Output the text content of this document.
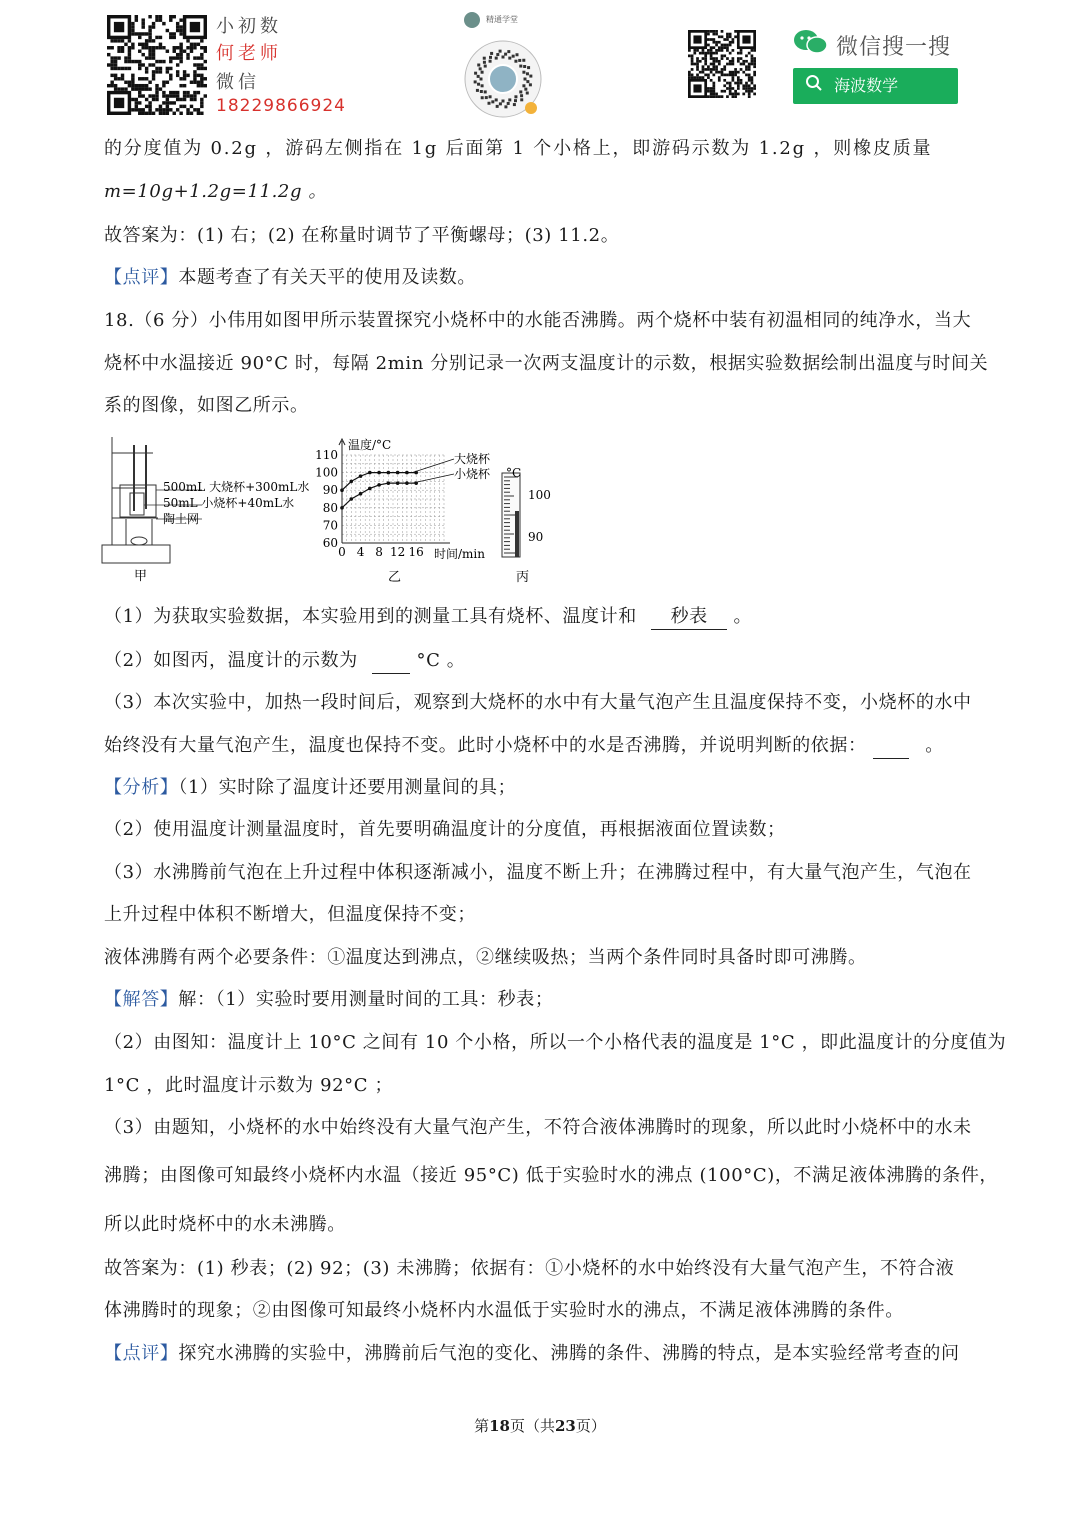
小初数
何老师
微信
18229866924
精通学堂
微信搜一搜
海波数学
的分度值为 0.2g ，游码左侧指在 1g 后面第 1 个小格上，即游码示数为 1.2g ，则橡皮质量
m=10g+1.2g=11.2g 。
故答案为：(1) 右；(2) 在称量时调节了平衡螺母；(3) 11.2。
【点评】本题考查了有关天平的使用及读数。
18.（6 分）小伟用如图甲所示装置探究小烧杯中的水能否沸腾。两个烧杯中装有初温相同的纯净水，当大
烧杯中水温接近 90°C 时，每隔 2min 分别记录一次两支温度计的示数，根据实验数据绘制出温度与时间关
系的图像，如图乙所示。
500mL 大烧杯+300mL水
50mL 小烧杯+40mL水
陶土网
甲
60
70
80
90
100
110
0 4 8 12 16
温度/°C
时间/min
大烧杯
小烧杯
乙
°C
100
90
丙
（1）为获取实验数据，本实验用到的测量工具有烧杯、温度计和 秒表 。
（2）如图丙，温度计的示数为	°C 。
（3）本次实验中，加热一段时间后，观察到大烧杯的水中有大量气泡产生且温度保持不变，小烧杯的水中
始终没有大量气泡产生，温度也保持不变。此时小烧杯中的水是否沸腾，并说明判断的依据：	。
【分析】（1）实时除了温度计还要用测量间的具；
（2）使用温度计测量温度时，首先要明确温度计的分度值，再根据液面位置读数；
（3）水沸腾前气泡在上升过程中体积逐渐减小，温度不断上升；在沸腾过程中，有大量气泡产生，气泡在
上升过程中体积不断增大，但温度保持不变；
液体沸腾有两个必要条件：①温度达到沸点，②继续吸热；当两个条件同时具备时即可沸腾。
【解答】解：（1）实验时要用测量时间的工具：秒表；
（2）由图知：温度计上 10°C 之间有 10 个小格，所以一个小格代表的温度是 1°C ，即此温度计的分度值为
1°C ，此时温度计示数为 92°C ；
（3）由题知，小烧杯的水中始终没有大量气泡产生，不符合液体沸腾时的现象，所以此时小烧杯中的水未
沸腾；由图像可知最终小烧杯内水温（接近 95°C) 低于实验时水的沸点 (100°C)，不满足液体沸腾的条件，
所以此时烧杯中的水未沸腾。
故答案为：(1) 秒表；(2) 92；(3) 未沸腾；依据有：①小烧杯的水中始终没有大量气泡产生，不符合液
体沸腾时的现象；②由图像可知最终小烧杯内水温低于实验时水的沸点，不满足液体沸腾的条件。
【点评】探究水沸腾的实验中，沸腾前后气泡的变化、沸腾的条件、沸腾的特点，是本实验经常考查的问
第18页（共23页）
